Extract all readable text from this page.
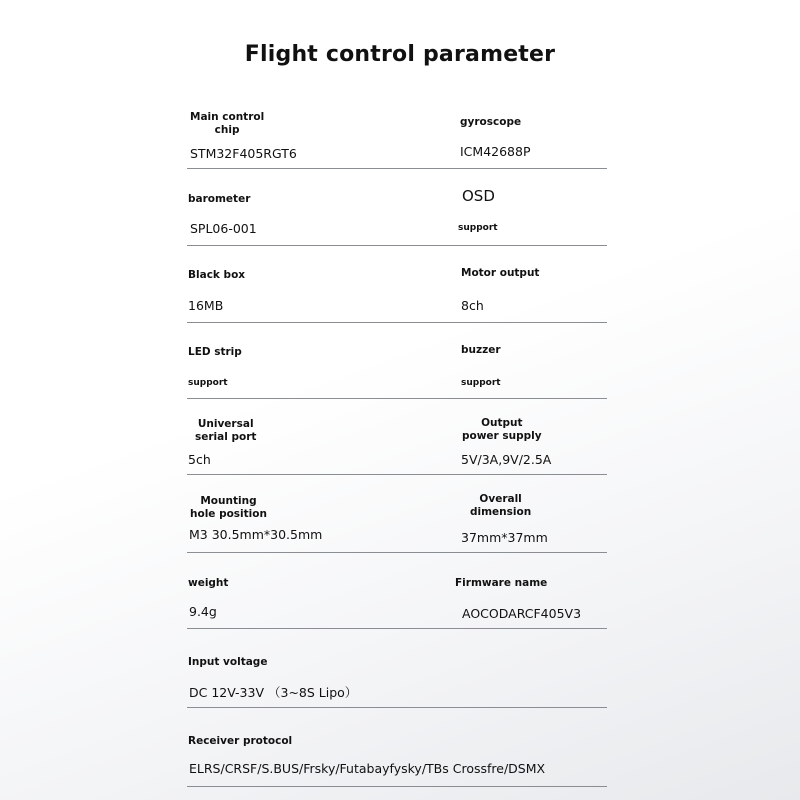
Flight control parameter
Main control
chip
STM32F405RGT6
gyroscope
ICM42688P
barometer
SPL06-001
OSD
support
Black box
16MB
Motor output
8ch
LED strip
support
buzzer
support
Universal
serial port
5ch
Output
power supply
5V/3A,9V/2.5A
Mounting
hole position
M3 30.5mm*30.5mm
Overall
dimension
37mm*37mm
weight
9.4g
Firmware name
AOCODARCF405V3
Input voltage
DC 12V-33V （3~8S Lipo）
Receiver protocol
ELRS/CRSF/S.BUS/Frsky/Futabayfysky/TBs Crossfre/DSMX
